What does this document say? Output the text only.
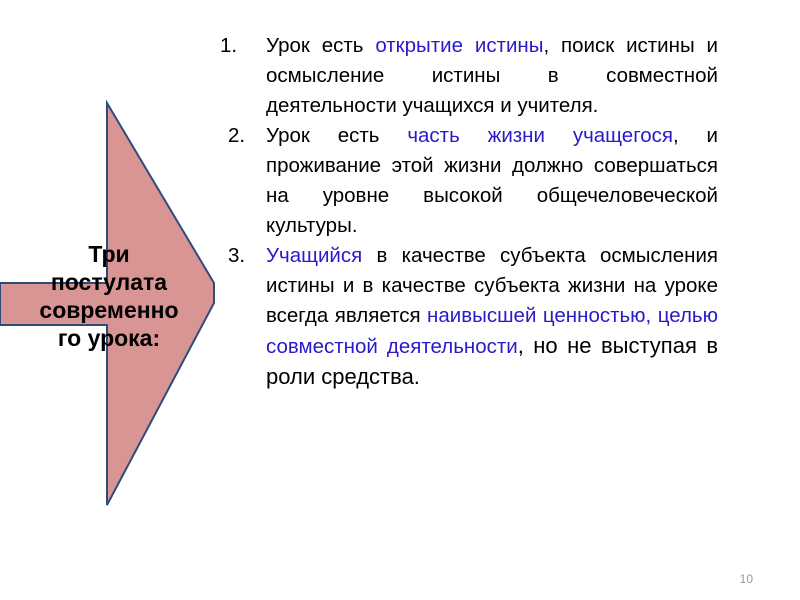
Три
постулата
современно
го урока:
1. Урок есть открытие истины, поиск истины и осмысление истины в совместной деятельности учащихся и учителя.
2. Урок есть часть жизни учащегося, и проживание этой жизни должно совершаться на уровне высокой общечеловеческой культуры.
3. Учащийся в качестве субъекта осмысления истины и в качестве субъекта жизни на уроке всегда является наивысшей ценностью, целью совместной деятельности, но не выступая в роли средства.
10
